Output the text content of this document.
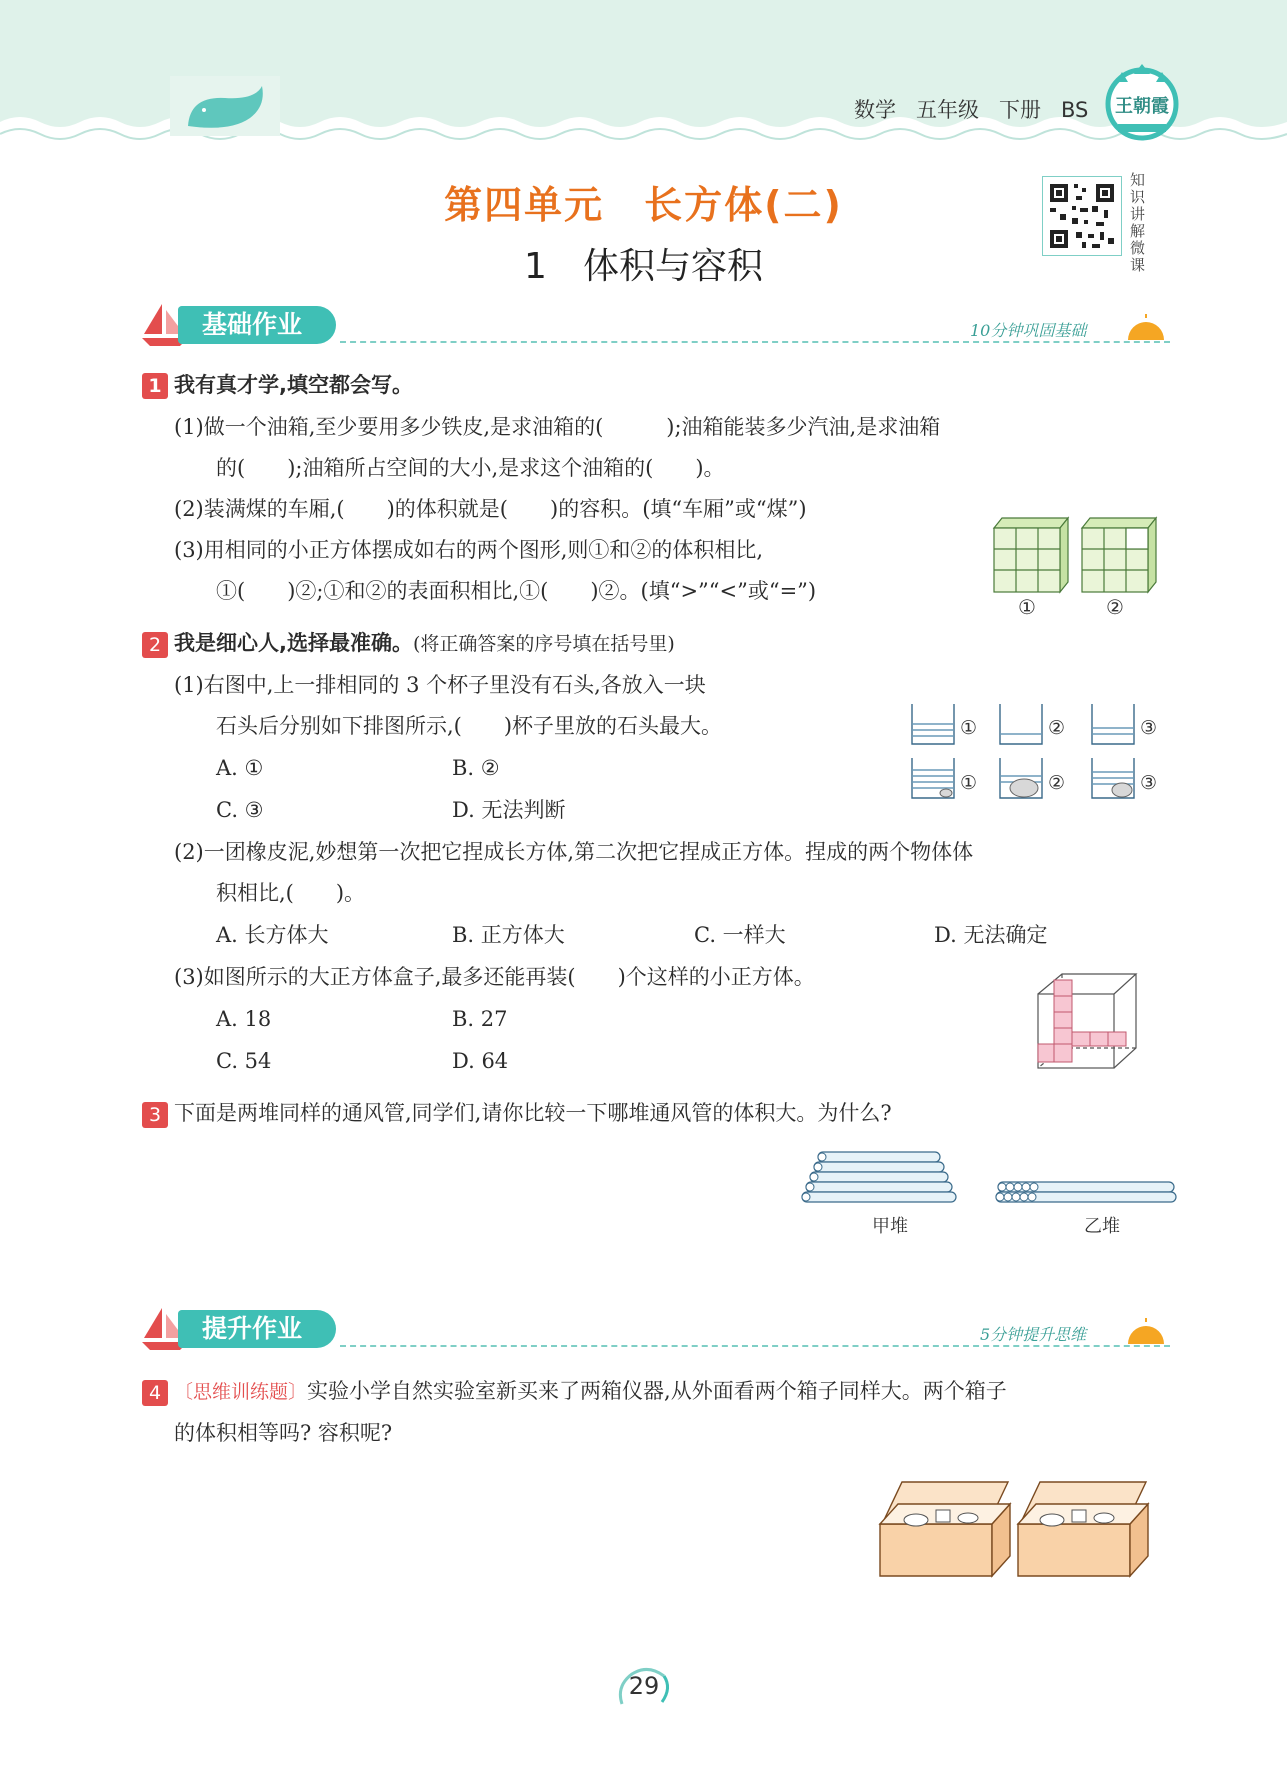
数学 五年级 下册 BS	王朝霞
第四单元　长方体(二)
1　体积与容积
知识讲解微课
基础作业	10分钟巩固基础
1 我有真才学,填空都会写。
(1)做一个油箱,至少要用多少铁皮,是求油箱的(　　　);油箱能装多少汽油,是求油箱
的(　　);油箱所占空间的大小,是求这个油箱的(　　)。
(2)装满煤的车厢,(　　)的体积就是(　　)的容积。(填“车厢”或“煤”)
(3)用相同的小正方体摆成如右的两个图形,则①和②的体积相比,
①(　　)②;①和②的表面积相比,①(　　)②。(填“>”“<”或“=”)
①	②
2 我是细心人,选择最准确。(将正确答案的序号填在括号里)
(1)右图中,上一排相同的 3 个杯子里没有石头,各放入一块
石头后分别如下排图所示,(　　)杯子里放的石头最大。
A. ①	B. ②
C. ③	D. 无法判断
①	②	③
①	②	③
(2)一团橡皮泥,妙想第一次把它捏成长方体,第二次把它捏成正方体。捏成的两个物体体
积相比,(　　)。
A. 长方体大	B. 正方体大	C. 一样大	D. 无法确定
(3)如图所示的大正方体盒子,最多还能再装(　　)个这样的小正方体。
A. 18	B. 27
C. 54	D. 64
3 下面是两堆同样的通风管,同学们,请你比较一下哪堆通风管的体积大。为什么?
甲堆	乙堆
提升作业	5分钟提升思维
4 〔思维训练题〕实验小学自然实验室新买来了两箱仪器,从外面看两个箱子同样大。两个箱子
的体积相等吗? 容积呢?
29
